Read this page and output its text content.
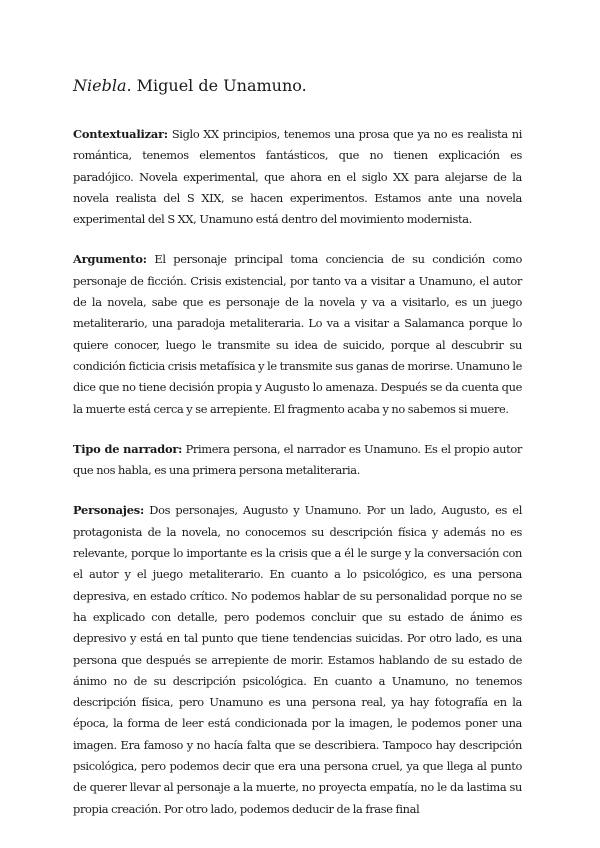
Niebla. Miguel de Unamuno.

Contextualizar: Siglo XX principios, tenemos una prosa que ya no es realista ni romántica, tenemos elementos fantásticos, que no tienen explicación es paradójico. Novela experimental, que ahora en el siglo XX para alejarse de la novela realista del S XIX, se hacen experimentos. Estamos ante una novela experimental del S XX, Unamuno está dentro del movimiento modernista.

Argumento: El personaje principal toma conciencia de su condición como personaje de ficción. Crisis existencial, por tanto va a visitar a Unamuno, el autor de la novela, sabe que es personaje de la novela y va a visitarlo, es un juego metaliterario, una paradoja metaliteraria. Lo va a visitar a Salamanca porque lo quiere conocer, luego le transmite su idea de suicido, porque al descubrir su condición ficticia crisis metafísica y le transmite sus ganas de morirse. Unamuno le dice que no tiene decisión propia y Augusto lo amenaza. Después se da cuenta que la muerte está cerca y se arrepiente. El fragmento acaba y no sabemos si muere.

Tipo de narrador: Primera persona, el narrador es Unamuno. Es el propio autor que nos habla, es una primera persona metaliteraria.

Personajes: Dos personajes, Augusto y Unamuno. Por un lado, Augusto, es el protagonista de la novela, no conocemos su descripción física y además no es relevante, porque lo importante es la crisis que a él le surge y la conversación con el autor y el juego metaliterario. En cuanto a lo psicológico, es una persona depresiva, en estado crítico. No podemos hablar de su personalidad porque no se ha explicado con detalle, pero podemos concluir que su estado de ánimo es depresivo y está en tal punto que tiene tendencias suicidas. Por otro lado, es una persona que después se arrepiente de morir. Estamos hablando de su estado de ánimo no de su descripción psicológica. En cuanto a Unamuno, no tenemos descripción física, pero Unamuno es una persona real, ya hay fotografía en la época, la forma de leer está condicionada por la imagen, le podemos poner una imagen. Era famoso y no hacía falta que se describiera. Tampoco hay descripción psicológica, pero podemos decir que era una persona cruel, ya que llega al punto de querer llevar al personaje a la muerte, no proyecta empatía, no le da lastima su propia creación. Por otro lado, podemos deducir de la frase final
